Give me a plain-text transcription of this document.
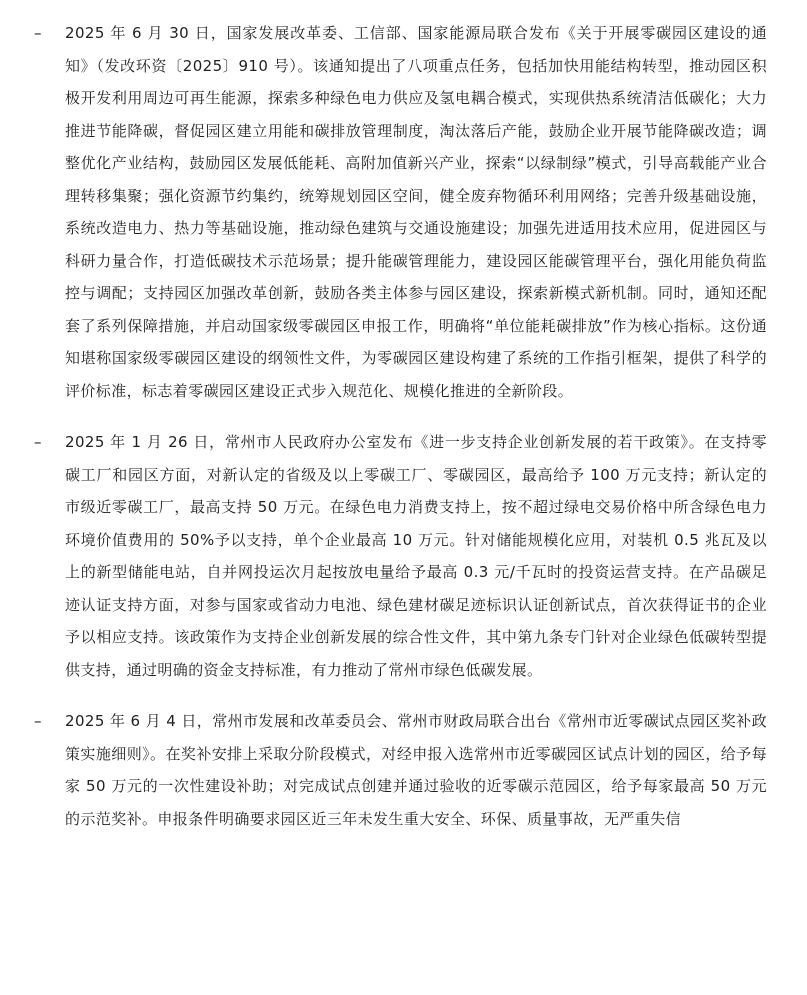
– 2025 年 6 月 30 日，国家发展改革委、工信部、国家能源局联合发布《关于开展零碳园区建设的通知》（发改环资〔2025〕910 号）。该通知提出了八项重点任务，包括加快用能结构转型，推动园区积极开发利用周边可再生能源，探索多种绿色电力供应及氢电耦合模式，实现供热系统清洁低碳化；大力推进节能降碳，督促园区建立用能和碳排放管理制度，淘汰落后产能，鼓励企业开展节能降碳改造；调整优化产业结构，鼓励园区发展低能耗、高附加值新兴产业，探索“以绿制绿”模式，引导高载能产业合理转移集聚；强化资源节约集约，统筹规划园区空间，健全废弃物循环利用网络；完善升级基础设施，系统改造电力、热力等基础设施，推动绿色建筑与交通设施建设；加强先进适用技术应用，促进园区与科研力量合作，打造低碳技术示范场景；提升能碳管理能力，建设园区能碳管理平台，强化用能负荷监控与调配；支持园区加强改革创新，鼓励各类主体参与园区建设，探索新模式新机制。同时，通知还配套了系列保障措施，并启动国家级零碳园区申报工作，明确将“单位能耗碳排放”作为核心指标。这份通知堪称国家级零碳园区建设的纲领性文件，为零碳园区建设构建了系统的工作指引框架，提供了科学的评价标准，标志着零碳园区建设正式步入规范化、规模化推进的全新阶段。
– 2025 年 1 月 26 日，常州市人民政府办公室发布《进一步支持企业创新发展的若干政策》。在支持零碳工厂和园区方面，对新认定的省级及以上零碳工厂、零碳园区，最高给予 100 万元支持；新认定的市级近零碳工厂，最高支持 50 万元。在绿色电力消费支持上，按不超过绿电交易价格中所含绿色电力环境价值费用的 50%予以支持，单个企业最高 10 万元。针对储能规模化应用，对装机 0.5 兆瓦及以上的新型储能电站，自并网投运次月起按放电量给予最高 0.3 元/千瓦时的投资运营支持。在产品碳足迹认证支持方面，对参与国家或省动力电池、绿色建材碳足迹标识认证创新试点，首次获得证书的企业予以相应支持。该政策作为支持企业创新发展的综合性文件，其中第九条专门针对企业绿色低碳转型提供支持，通过明确的资金支持标准，有力推动了常州市绿色低碳发展。
– 2025 年 6 月 4 日，常州市发展和改革委员会、常州市财政局联合出台《常州市近零碳试点园区奖补政策实施细则》。在奖补安排上采取分阶段模式，对经申报入选常州市近零碳园区试点计划的园区，给予每家 50 万元的一次性建设补助；对完成试点创建并通过验收的近零碳示范园区，给予每家最高 50 万元的示范奖补。申报条件明确要求园区近三年未发生重大安全、环保、质量事故，无严重失信
